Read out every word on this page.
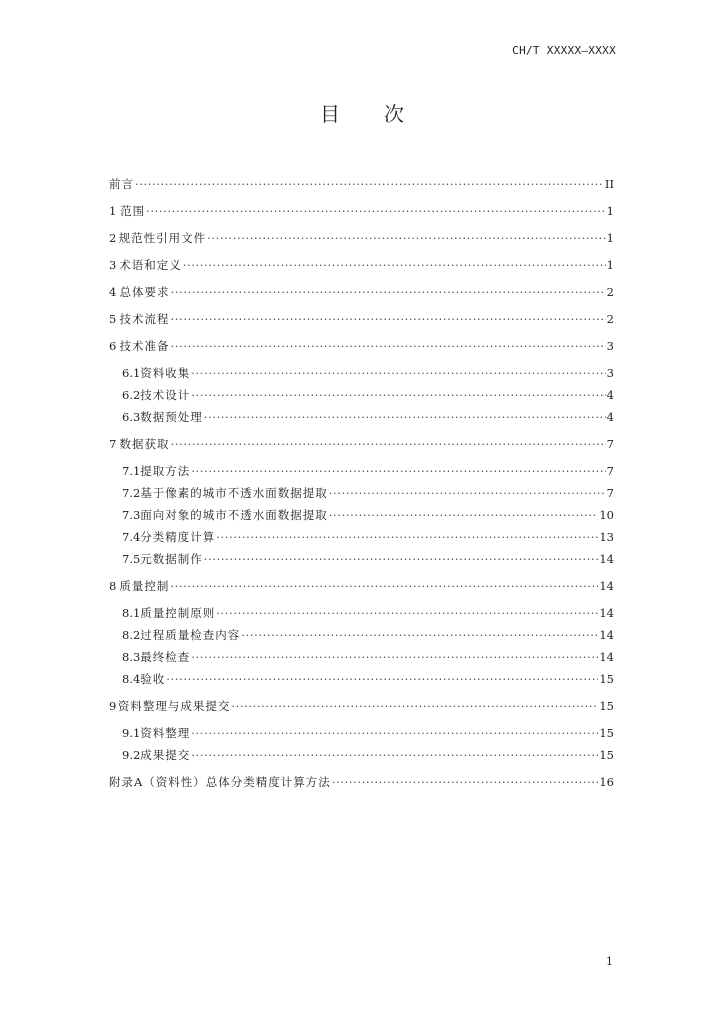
CH/T XXXXX—XXXX
目次
前言 ·····	II
1 范围 ·····	1
2 规范性引用文件 ·····	1
3 术语和定义 ·····	1
4 总体要求 ·····	2
5 技术流程 ·····	2
6 技术准备 ·····	3
6.1 资料收集 ·····	3
6.2 技术设计 ·····	4
6.3 数据预处理 ·····	4
7 数据获取 ·····	7
7.1 提取方法 ·····	7
7.2 基于像素的城市不透水面数据提取 ·····	7
7.3 面向对象的城市不透水面数据提取 ·····	10
7.4 分类精度计算 ·····	13
7.5 元数据制作 ·····	14
8 质量控制 ·····	14
8.1 质量控制原则 ·····	14
8.2 过程质量检查内容 ·····	14
8.3 最终检查 ·····	14
8.4 验收 ·····	15
9 资料整理与成果提交 ·····	15
9.1 资料整理 ·····	15
9.2 成果提交 ·····	15
附录A（资料性）总体分类精度计算方法 ·····	16
1
